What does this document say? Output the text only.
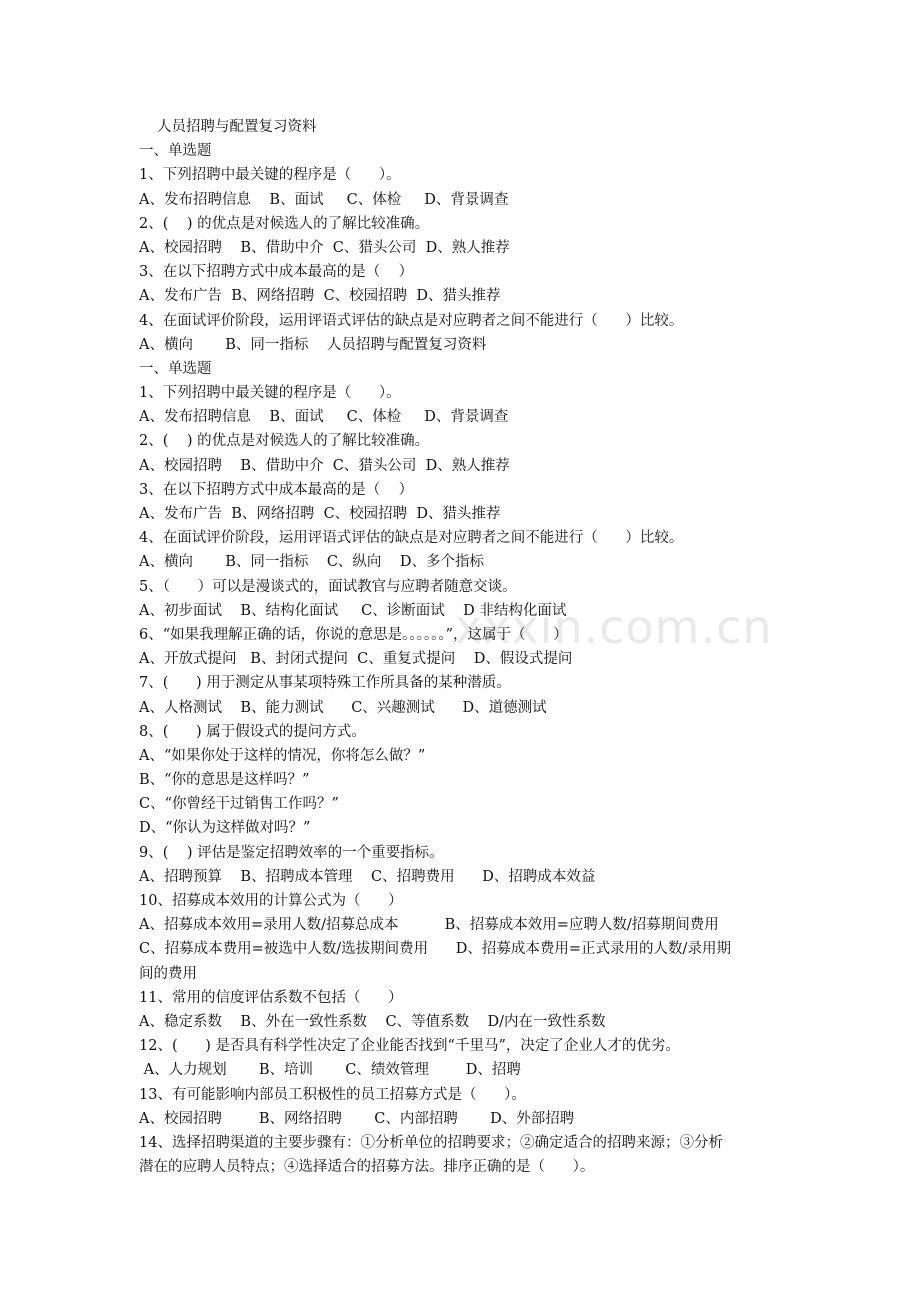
xxxin.com.cn
人员招聘与配置复习资料
一、单选题
1、下列招聘中最关键的程序是（      ）。
A、发布招聘信息    B、面试     C、体检     D、背景调查
2、(    ) 的优点是对候选人的了解比较准确。
A、校园招聘    B、借助中介  C、猎头公司  D、熟人推荐
3、在以下招聘方式中成本最高的是（    ）
A、发布广告  B、网络招聘  C、校园招聘  D、猎头推荐
4、在面试评价阶段，运用评语式评估的缺点是对应聘者之间不能进行（      ）比较。
A、横向       B、同一指标    人员招聘与配置复习资料
一、单选题
1、下列招聘中最关键的程序是（      ）。
A、发布招聘信息    B、面试     C、体检     D、背景调查
2、(    ) 的优点是对候选人的了解比较准确。
A、校园招聘    B、借助中介  C、猎头公司  D、熟人推荐
3、在以下招聘方式中成本最高的是（    ）
A、发布广告  B、网络招聘  C、校园招聘  D、猎头推荐
4、在面试评价阶段，运用评语式评估的缺点是对应聘者之间不能进行（      ）比较。
A、横向       B、同一指标    C、纵向    D、多个指标
5、（      ）可以是漫谈式的，面试教官与应聘者随意交谈。
A、初步面试    B、结构化面试     C、诊断面试    D 非结构化面试
6、“如果我理解正确的话，你说的意思是。。。。。。”，这属于（      ）
A、开放式提问   B、封闭式提问  C、重复式提问    D、假设式提问
7、(      ) 用于测定从事某项特殊工作所具备的某种潜质。
A、人格测试    B、能力测试      C、兴趣测试      D、道德测试
8、(      ) 属于假设式的提问方式。
A、“如果你处于这样的情况，你将怎么做？”
B、“你的意思是这样吗？”
C、“你曾经干过销售工作吗？”
D、“你认为这样做对吗？”
9、(    ) 评估是鉴定招聘效率的一个重要指标。
A、招聘预算    B、招聘成本管理    C、招聘费用      D、招聘成本效益
10、招募成本效用的计算公式为（      ）
A、招募成本效用=录用人数/招募总成本          B、招募成本效用=应聘人数/招募期间费用
C、招募成本费用=被选中人数/选拔期间费用      D、招募成本费用=正式录用的人数/录用期
间的费用
11、常用的信度评估系数不包括（      ）
A、稳定系数    B、外在一致性系数    C、等值系数    D/内在一致性系数
12、(      ) 是否具有科学性决定了企业能否找到“千里马”，决定了企业人才的优劣。
A、人力规划       B、培训       C、绩效管理        D、招聘
13、有可能影响内部员工积极性的员工招募方式是（      ）。
A、校园招聘        B、网络招聘       C、内部招聘       D、外部招聘
14、选择招聘渠道的主要步骤有：①分析单位的招聘要求；②确定适合的招聘来源；③分析
潜在的应聘人员特点；④选择适合的招募方法。排序正确的是（      ）。
